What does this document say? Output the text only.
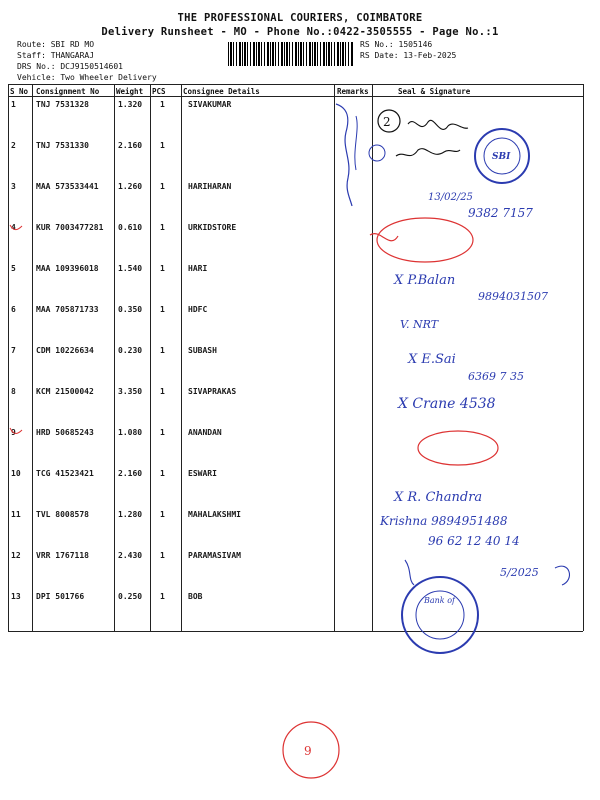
THE PROFESSIONAL COURIERS, COIMBATORE
Delivery Runsheet - MO - Phone No.:0422-3505555 - Page No.:1
Route: SBI RD MO
Staff: THANGARAJ
DRS No.: DCJ9150514601
Vehicle: Two Wheeler Delivery
RS No.: 1505146
RS Date: 13-Feb-2025
S No Consignment No Weight PCS Consignee Details	Remarks	Seal & Signature
1	TNJ 7531328	1.320 1	SIVAKUMAR
2	TNJ 7531330	2.160 1
3	MAA 573533441 1.260 1	HARIHARAN
4	KUR 7003477281 0.610 1	URKIDSTORE
5	MAA 109396018 1.540 1	HARI
6	MAA 705871733 0.350 1	HDFC
7	CDM 10226634	0.230 1	SUBASH
8	KCM 21500042	3.350 1	SIVAPRAKAS
9	HRD 50685243	1.080 1	ANANDAN
10 TCG 41523421	2.160 1	ESWARI
11 TVL 8008578	1.280 1	MAHALAKSHMI
12 VRR 1767118	2.430 1	PARAMASIVAM
13 DPI 501766	0.250 1	BOB
2
9
13/02/25
9382 7157
X P.Balan
9894031507
V. NRT
X E.Sai
6369 7 35
X Crane 4538
X R. Chandra
Krishna 9894951488
96 62 12 40 14
5/2025
SBI
Bank of
